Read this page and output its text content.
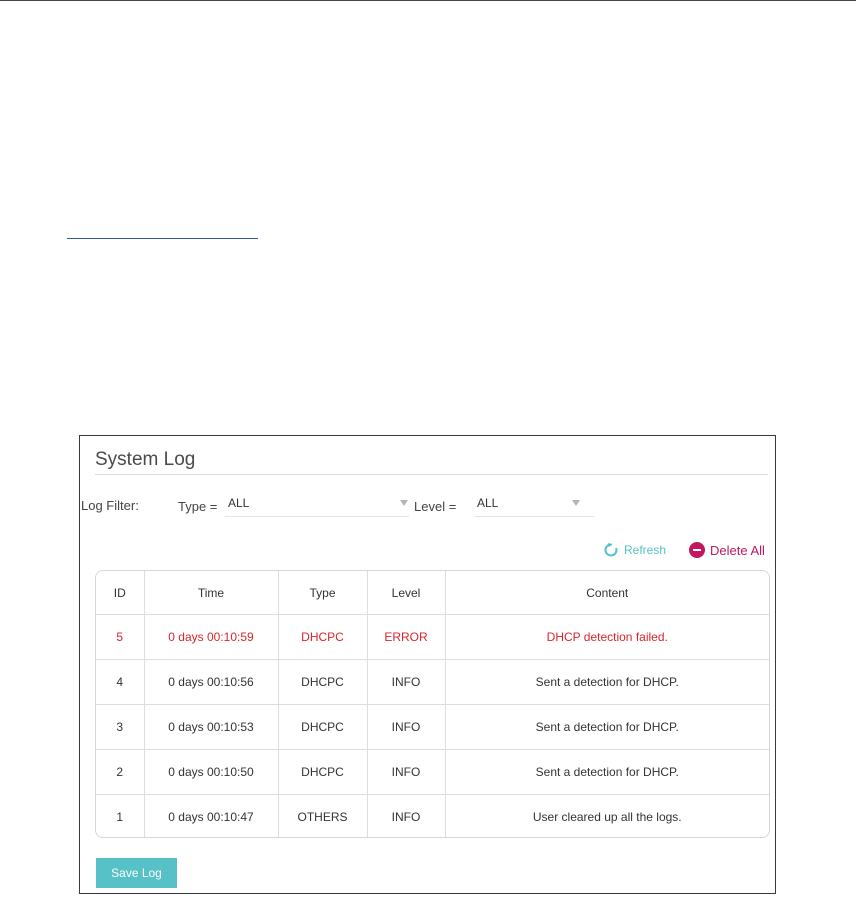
System Log
Log Filter:	Type = ALL	Level = ALL
Refresh	Delete All
ID	Time	Type	Level	Content
5	0 days 00:10:59	DHCPC	ERROR	DHCP detection failed.
4	0 days 00:10:56	DHCPC	INFO	Sent a detection for DHCP.
3	0 days 00:10:53	DHCPC	INFO	Sent a detection for DHCP.
2	0 days 00:10:50	DHCPC	INFO	Sent a detection for DHCP.
1	0 days 00:10:47	OTHERS	INFO	User cleared up all the logs.
Save Log
